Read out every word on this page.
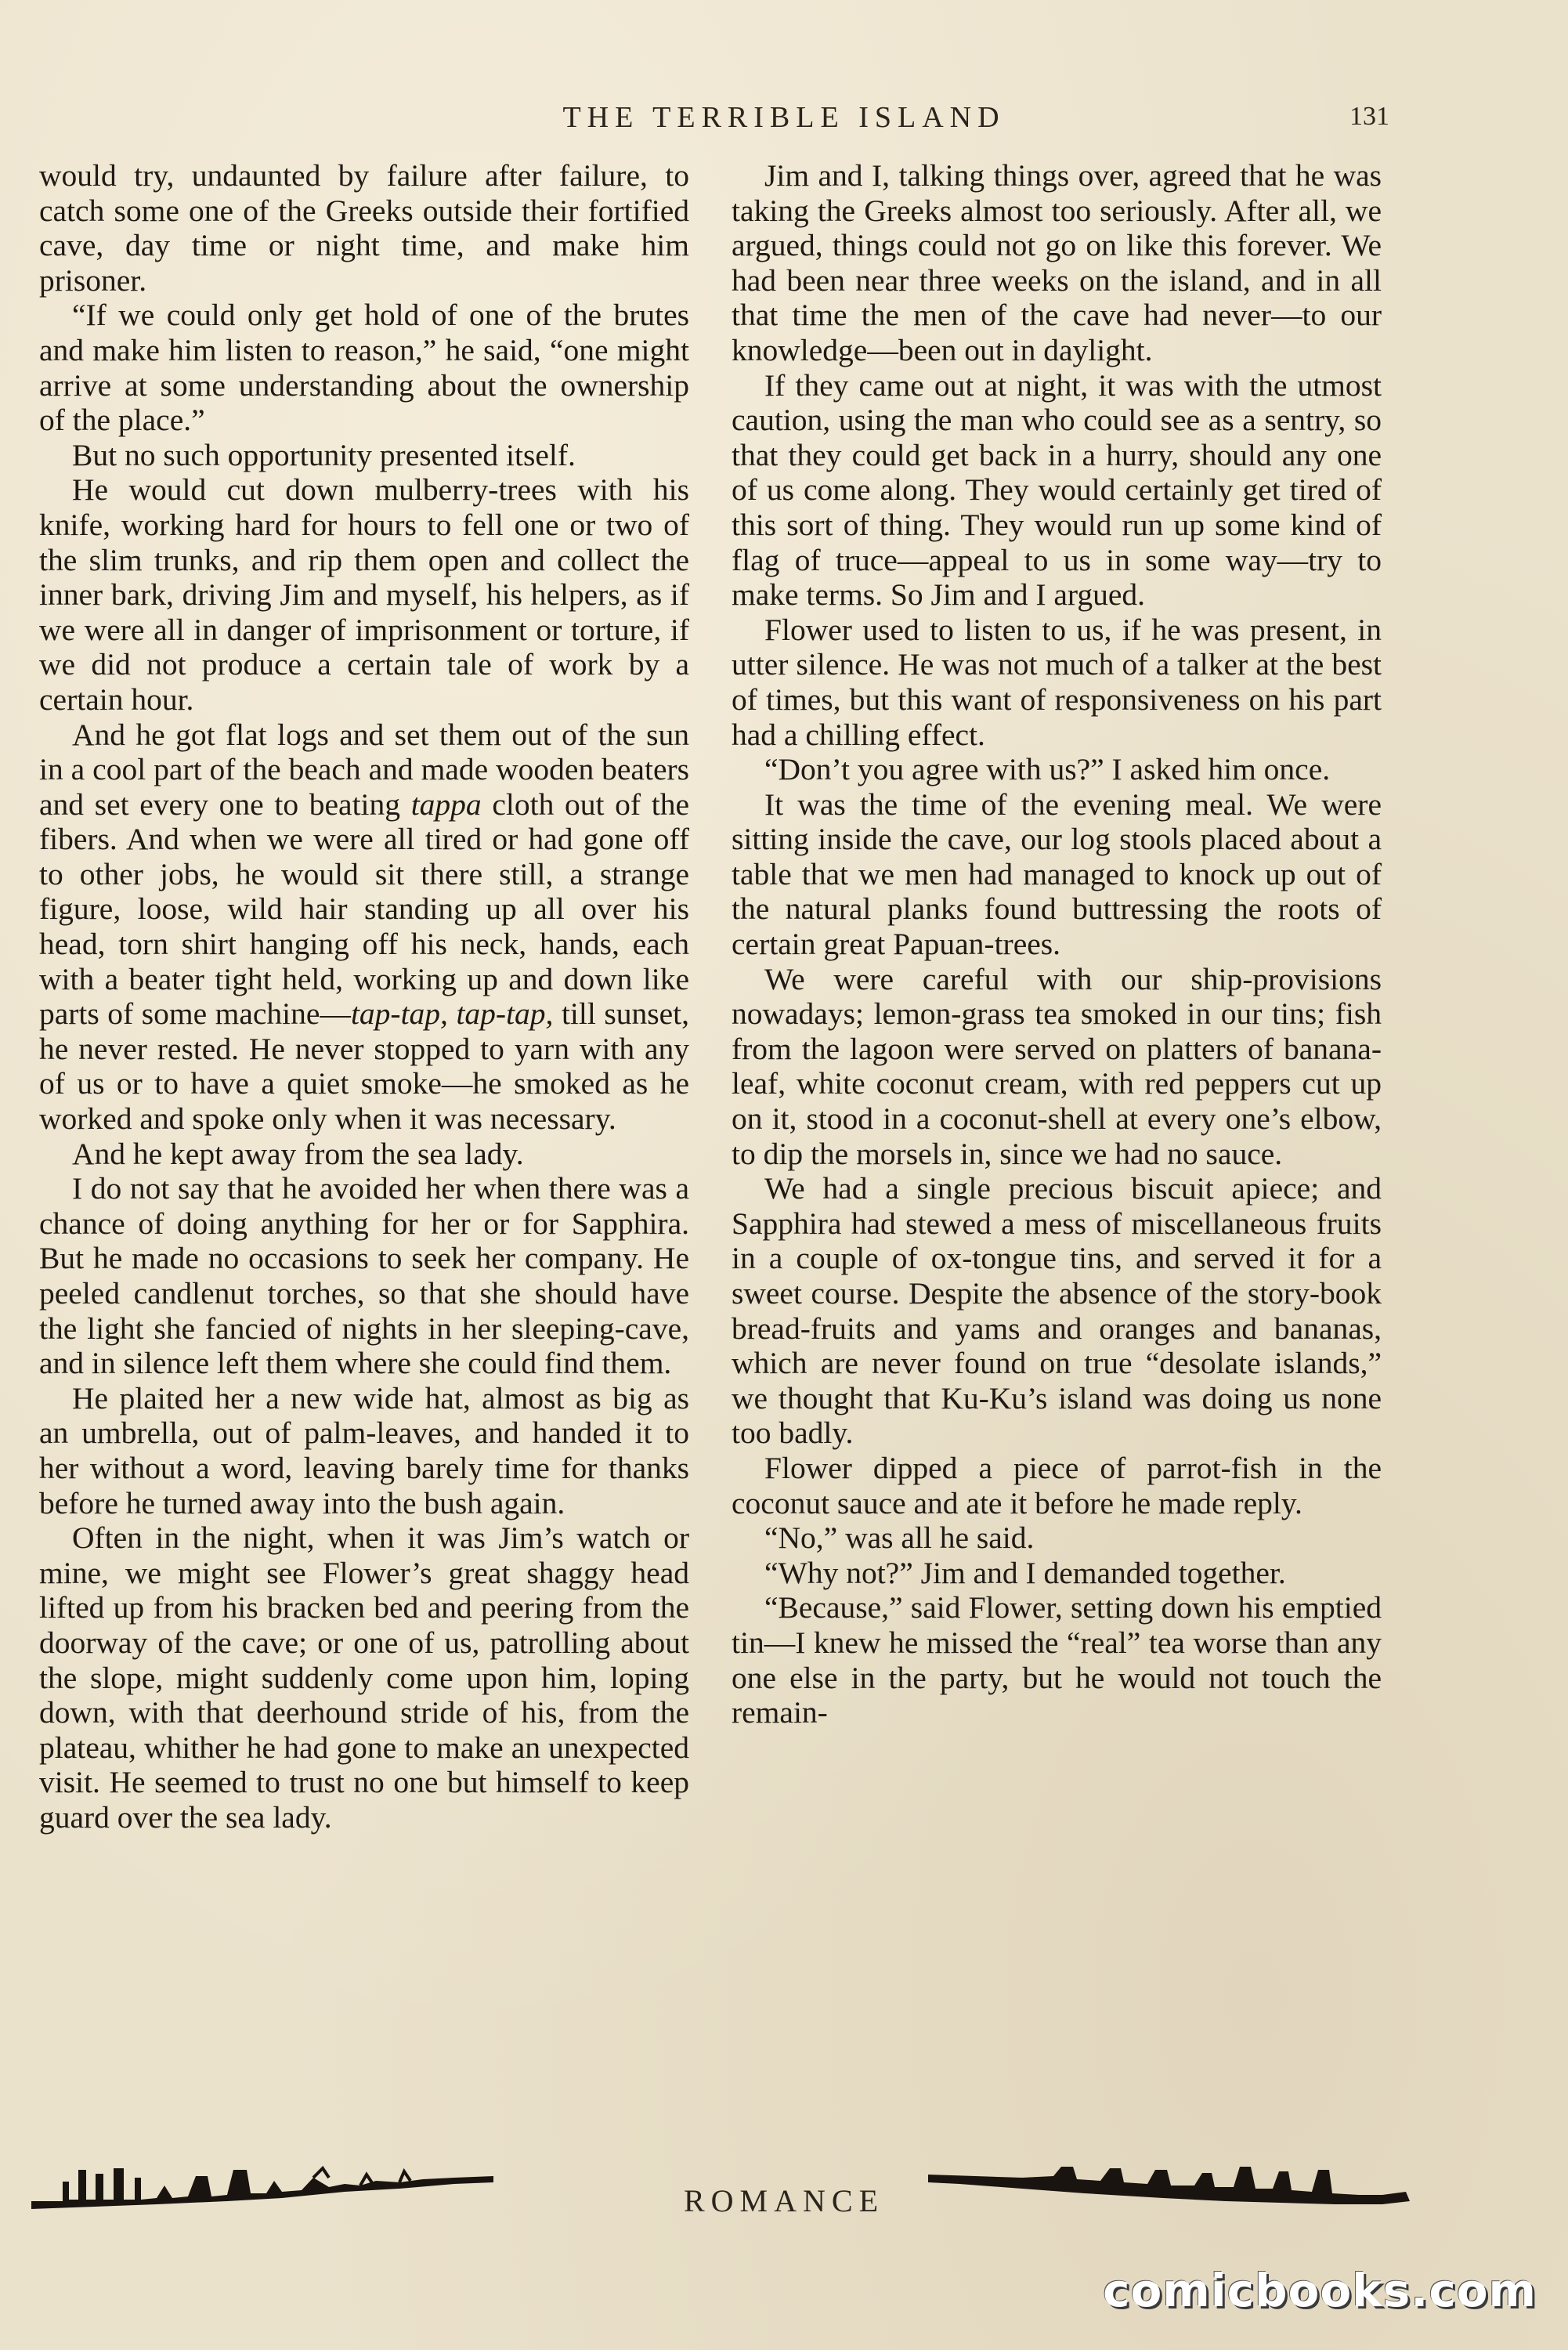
THE TERRIBLE ISLAND	131

would try, undaunted by failure after failure, to catch some one of the Greeks outside their fortified cave, day time or night time, and make him prisoner.

“If we could only get hold of one of the brutes and make him listen to reason,” he said, “one might arrive at some understanding about the ownership of the place.”

But no such opportunity presented itself.

He would cut down mulberry-trees with his knife, working hard for hours to fell one or two of the slim trunks, and rip them open and collect the inner bark, driving Jim and myself, his helpers, as if we were all in danger of imprisonment or torture, if we did not produce a certain tale of work by a certain hour.

And he got flat logs and set them out of the sun in a cool part of the beach and made wooden beaters and set every one to beating tappa cloth out of the fibers. And when we were all tired or had gone off to other jobs, he would sit there still, a strange figure, loose, wild hair standing up all over his head, torn shirt hanging off his neck, hands, each with a beater tight held, working up and down like parts of some machine—tap-tap, tap-tap, till sunset, he never rested. He never stopped to yarn with any of us or to have a quiet smoke—he smoked as he worked and spoke only when it was necessary.

And he kept away from the sea lady.

I do not say that he avoided her when there was a chance of doing anything for her or for Sapphira. But he made no occasions to seek her company. He peeled candlenut torches, so that she should have the light she fancied of nights in her sleeping-cave, and in silence left them where she could find them.

He plaited her a new wide hat, almost as big as an umbrella, out of palm-leaves, and handed it to her without a word, leaving barely time for thanks before he turned away into the bush again.

Often in the night, when it was Jim’s watch or mine, we might see Flower’s great shaggy head lifted up from his bracken bed and peering from the doorway of the cave; or one of us, patrolling about the slope, might suddenly come upon him, loping down, with that deerhound stride of his, from the plateau, whither he had gone to make an unexpected visit. He seemed to trust no one but himself to keep guard over the sea lady.

Jim and I, talking things over, agreed that he was taking the Greeks almost too seriously. After all, we argued, things could not go on like this forever. We had been near three weeks on the island, and in all that time the men of the cave had never—to our knowledge—been out in daylight.

If they came out at night, it was with the utmost caution, using the man who could see as a sentry, so that they could get back in a hurry, should any one of us come along. They would certainly get tired of this sort of thing. They would run up some kind of flag of truce—appeal to us in some way—try to make terms. So Jim and I argued.

Flower used to listen to us, if he was present, in utter silence. He was not much of a talker at the best of times, but this want of responsiveness on his part had a chilling effect.

“Don’t you agree with us?” I asked him once.

It was the time of the evening meal. We were sitting inside the cave, our log stools placed about a table that we men had managed to knock up out of the natural planks found buttressing the roots of certain great Papuan-trees.

We were careful with our ship-provisions nowadays; lemon-grass tea smoked in our tins; fish from the lagoon were served on platters of banana-leaf, white coconut cream, with red peppers cut up on it, stood in a coconut-shell at every one’s elbow, to dip the morsels in, since we had no sauce.

We had a single precious biscuit apiece; and Sapphira had stewed a mess of miscellaneous fruits in a couple of ox-tongue tins, and served it for a sweet course. Despite the absence of the story-book bread-fruits and yams and oranges and bananas, which are never found on true “desolate islands,” we thought that Ku-Ku’s island was doing us none too badly.

Flower dipped a piece of parrot-fish in the coconut sauce and ate it before he made reply.

“No,” was all he said.

“Why not?” Jim and I demanded together.

“Because,” said Flower, setting down his emptied tin—I knew he missed the “real” tea worse than any one else in the party, but he would not touch the remain-

ROMANCE
comicbooks.com
